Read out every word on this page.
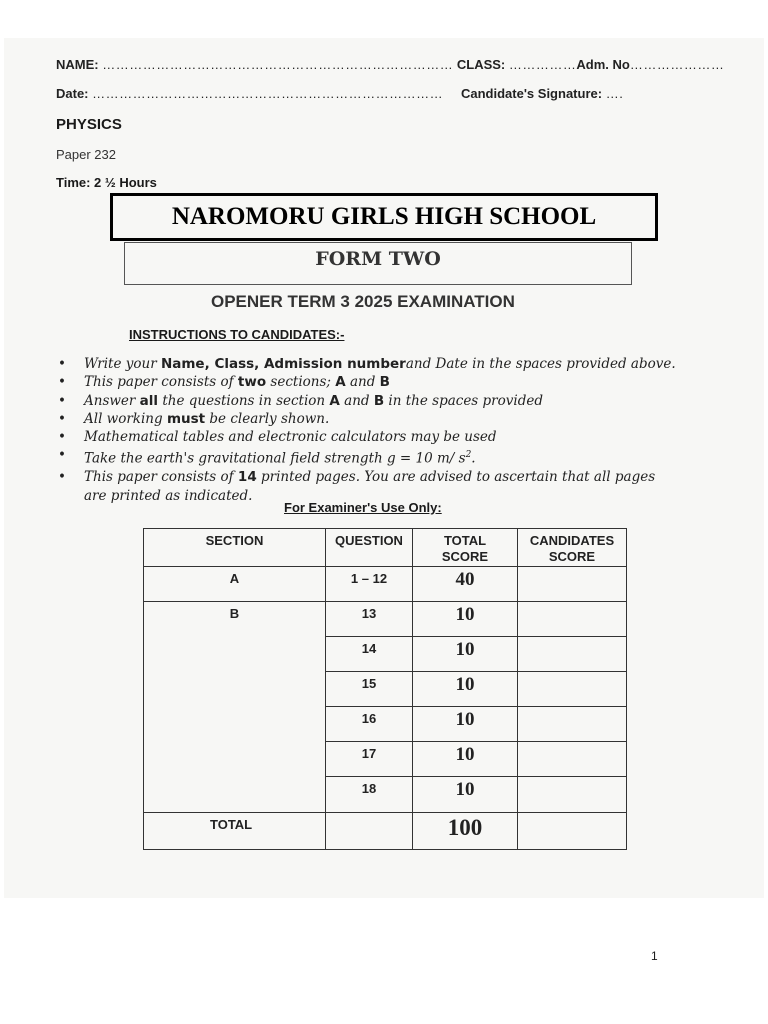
NAME: …………………………………………………………………… CLASS: ……………Adm. No…………………
Date: …………………………………………………………………… Candidate's Signature: ….
PHYSICS
Paper 232
Time: 2 ½ Hours
NAROMORU GIRLS HIGH SCHOOL
FORM TWO
OPENER TERM 3 2025 EXAMINATION
INSTRUCTIONS TO CANDIDATES:-
• Write your Name, Class, Admission numberand Date in the spaces provided above.
• This paper consists of two sections; A and B
• Answer all the questions in section A and B in the spaces provided
• All working must be clearly shown.
• Mathematical tables and electronic calculators may be used
• Take the earth's gravitational field strength g = 10 m/ $s^2$.
• This paper consists of 14 printed pages. You are advised to ascertain that all pages
are printed as indicated.
For Examiner's Use Only:
SECTION	QUESTION	TOTAL SCORE	CANDIDATES SCORE
A	1 – 12	40	
B	13	10	
	14	10	
	15	10	
	16	10	
	17	10	
	18	10	
TOTAL		100	
1
